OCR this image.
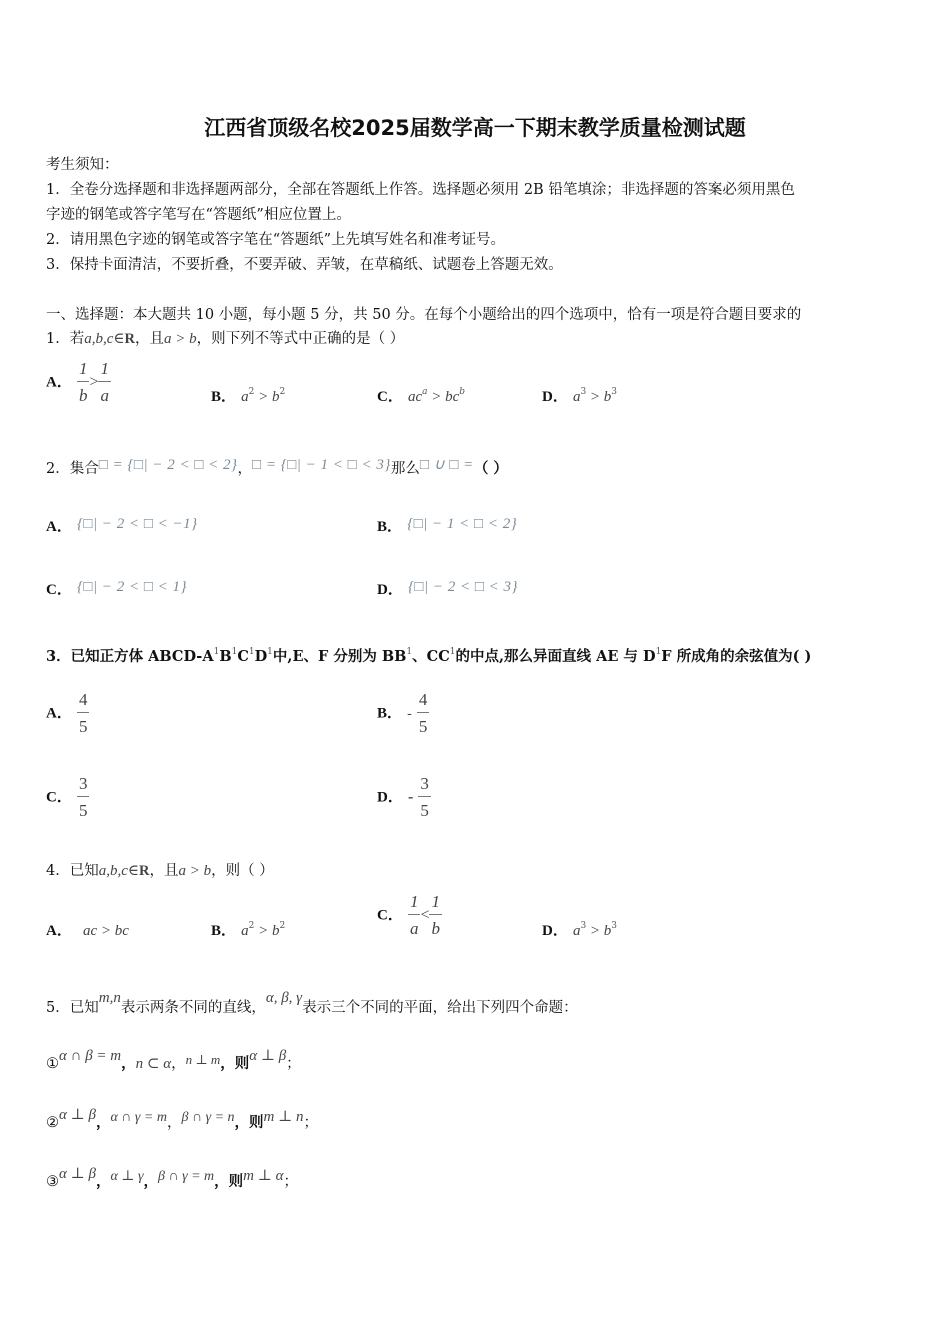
江西省顶级名校2025届数学高一下期末教学质量检测试题
考生须知：
1．全卷分选择题和非选择题两部分，全部在答题纸上作答。选择题必须用 2B 铅笔填涂；非选择题的答案必须用黑色
字迹的钢笔或答字笔写在“答题纸”相应位置上。
2．请用黑色字迹的钢笔或答字笔在“答题纸”上先填写姓名和准考证号。
3．保持卡面清洁，不要折叠，不要弄破、弄皱，在草稿纸、试题卷上答题无效。
一、选择题：本大题共 10 小题，每小题 5 分，共 50 分。在每个小题给出的四个选项中，恰有一项是符合题目要求的
1．若a,b,c∈R，且a > b，则下列不等式中正确的是（ ）
A． $\frac{1}{b} > \frac{1}{a}$	B． $a^2 > b^2$	C． $ac^a > bc^b$	D． $a^3 > b^3$
2．集合□ = {□| − 2 < □ < 2}，□ = {□| − 1 < □ < 3}那么□ ∪ □ =（ ）
A． {□| − 2 < □ < −1}	B． {□| − 1 < □ < 2}
C． {□| − 2 < □ < 1}	D． {□| − 2 < □ < 3}
3．已知正方体 ABCD-$A^1B^1C^1D^1$中,E、F 分别为 $BB^1$、$CC^1$的中点,那么异面直线 AE 与 $D^1F$ 所成角的余弦值为( )
A． $\frac{4}{5}$	B． - $\frac{4}{5}$
C． $\frac{3}{5}$	D． - $\frac{3}{5}$
4．已知a,b,c∈R，且a > b，则（ ）
A． ac > bc	B． $a^2 > b^2$
C． $\frac{1}{a} < \frac{1}{b}$	D． $a^3 > b^3$
5．已知m,n表示两条不同的直线，α, β, γ表示三个不同的平面，给出下列四个命题：
①α ∩ β = m，n ⊂ α，n ⊥ m，则α ⊥ β；
②α ⊥ β，α ∩ γ = m，β ∩ γ = n，则m ⊥ n；
③α ⊥ β，α ⊥ γ，β ∩ γ = m，则m ⊥ α；
